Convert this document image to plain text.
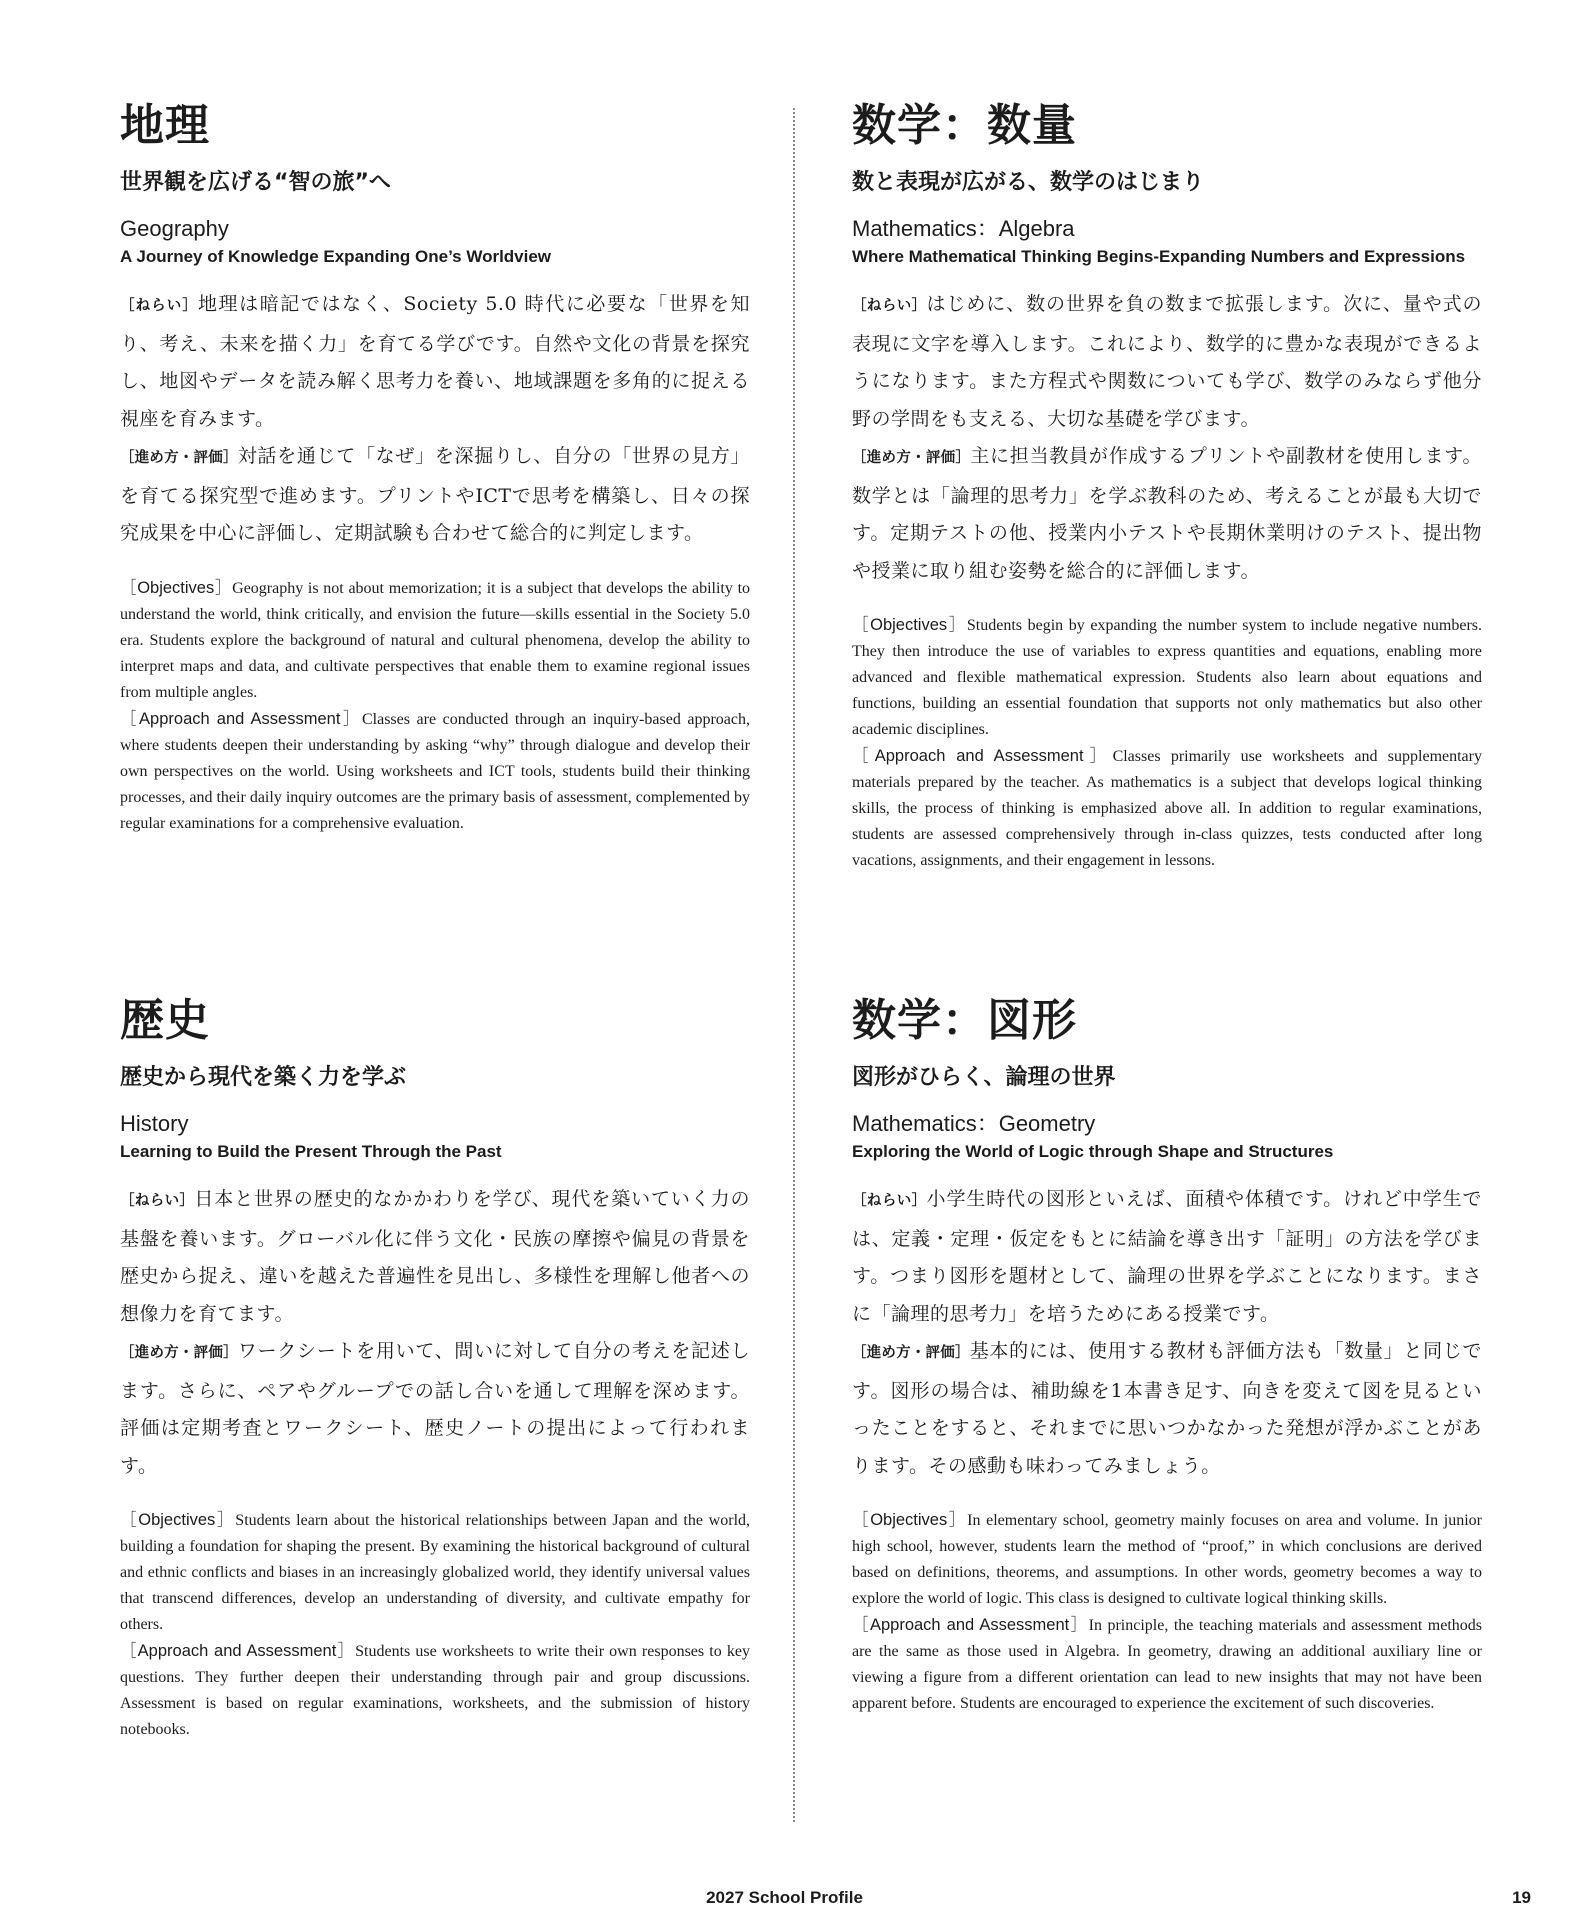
地理
世界観を広げる“智の旅”へ
Geography
A Journey of Knowledge Expanding One’s Worldview

［ねらい］地理は暗記ではなく、Society 5.0 時代に必要な「世界を知り、考え、未来を描く力」を育てる学びです。自然や文化の背景を探究し、地図やデータを読み解く思考力を養い、地域課題を多角的に捉える視座を育みます。

［進め方・評価］対話を通じて「なぜ」を深掘りし、自分の「世界の見方」を育てる探究型で進めます。プリントやICTで思考を構築し、日々の探究成果を中心に評価し、定期試験も合わせて総合的に判定します。

［Objectives］Geography is not about memorization; it is a subject that develops the ability to understand the world, think critically, and envision the future—skills essential in the Society 5.0 era. Students explore the background of natural and cultural phenomena, develop the ability to interpret maps and data, and cultivate perspectives that enable them to examine regional issues from multiple angles.

［Approach and Assessment］Classes are conducted through an inquiry-based approach, where students deepen their understanding by asking “why” through dialogue and develop their own perspectives on the world. Using worksheets and ICT tools, students build their thinking processes, and their daily inquiry outcomes are the primary basis of assessment, complemented by regular examinations for a comprehensive evaluation.

数学：数量
数と表現が広がる、数学のはじまり
Mathematics：Algebra
Where Mathematical Thinking Begins-Expanding Numbers and Expressions

［ねらい］はじめに、数の世界を負の数まで拡張します。次に、量や式の表現に文字を導入します。これにより、数学的に豊かな表現ができるようになります。また方程式や関数についても学び、数学のみならず他分野の学問をも支える、大切な基礎を学びます。

［進め方・評価］主に担当教員が作成するプリントや副教材を使用します。数学とは「論理的思考力」を学ぶ教科のため、考えることが最も大切です。定期テストの他、授業内小テストや長期休業明けのテスト、提出物や授業に取り組む姿勢を総合的に評価します。

［Objectives］Students begin by expanding the number system to include negative numbers. They then introduce the use of variables to express quantities and equations, enabling more advanced and flexible mathematical expression. Students also learn about equations and functions, building an essential foundation that supports not only mathematics but also other academic disciplines.

［Approach and Assessment］Classes primarily use worksheets and supplementary materials prepared by the teacher. As mathematics is a subject that develops logical thinking skills, the process of thinking is emphasized above all. In addition to regular examinations, students are assessed comprehensively through in-class quizzes, tests conducted after long vacations, assignments, and their engagement in lessons.

歴史
歴史から現代を築く力を学ぶ
History
Learning to Build the Present Through the Past

［ねらい］日本と世界の歴史的なかかわりを学び、現代を築いていく力の基盤を養います。グローバル化に伴う文化・民族の摩擦や偏見の背景を歴史から捉え、違いを越えた普遍性を見出し、多様性を理解し他者への想像力を育てます。

［進め方・評価］ワークシートを用いて、問いに対して自分の考えを記述します。さらに、ペアやグループでの話し合いを通して理解を深めます。評価は定期考査とワークシート、歴史ノートの提出によって行われます。

［Objectives］Students learn about the historical relationships between Japan and the world, building a foundation for shaping the present. By examining the historical background of cultural and ethnic conflicts and biases in an increasingly globalized world, they identify universal values that transcend differences, develop an understanding of diversity, and cultivate empathy for others.

［Approach and Assessment］Students use worksheets to write their own responses to key questions. They further deepen their understanding through pair and group discussions. Assessment is based on regular examinations, worksheets, and the submission of history notebooks.

数学：図形
図形がひらく、論理の世界
Mathematics：Geometry
Exploring the World of Logic through Shape and Structures

［ねらい］小学生時代の図形といえば、面積や体積です。けれど中学生では、定義・定理・仮定をもとに結論を導き出す「証明」の方法を学びます。つまり図形を題材として、論理の世界を学ぶことになります。まさに「論理的思考力」を培うためにある授業です。

［進め方・評価］基本的には、使用する教材も評価方法も「数量」と同じです。図形の場合は、補助線を1本書き足す、向きを変えて図を見るといったことをすると、それまでに思いつかなかった発想が浮かぶことがあります。その感動も味わってみましょう。

［Objectives］In elementary school, geometry mainly focuses on area and volume. In junior high school, however, students learn the method of “proof,” in which conclusions are derived based on definitions, theorems, and assumptions. In other words, geometry becomes a way to explore the world of logic. This class is designed to cultivate logical thinking skills.

［Approach and Assessment］In principle, the teaching materials and assessment methods are the same as those used in Algebra. In geometry, drawing an additional auxiliary line or viewing a figure from a different orientation can lead to new insights that may not have been apparent before. Students are encouraged to experience the excitement of such discoveries.

2027 School Profile	19
